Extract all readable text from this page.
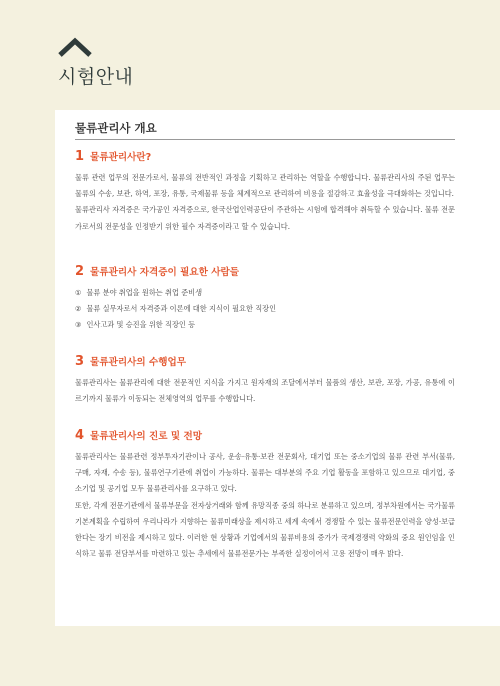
시험안내
물류관리사 개요
1 물류관리사란?

물류 관련 업무의 전문가로서, 물류의 전반적인 과정을 기획하고 관리하는 역할을 수행합니다. 물류관리사의 주된 업무는 물류의 수송, 보관, 하역, 포장, 유통, 국제물류 등을 체계적으로 관리하여 비용을 절감하고 효율성을 극대화하는 것입니다.

물류관리사 자격증은 국가공인 자격증으로, 한국산업인력공단이 주관하는 시험에 합격해야 취득할 수 있습니다. 물류 전문가로서의 전문성을 인정받기 위한 필수 자격증이라고 할 수 있습니다.

2 물류관리사 자격증이 필요한 사람들
① 물류 분야 취업을 원하는 취업 준비생
② 물류 실무자로서 자격증과 이론에 대한 지식이 필요한 직장인
③ 인사고과 및 승진을 위한 직장인 등
3 물류관리사의 수행업무

물류관리사는 물류관리에 대한 전문적인 지식을 가지고 원자재의 조달에서부터 물품의 생산, 보관, 포장, 가공, 유통에 이르기까지 물류가 이동되는 전체영역의 업무를 수행합니다.

4 물류관리사의 진로 및 전망

물류관리사는 물류관련 정부투자기관이나 공사, 운송·유통·보관 전문회사, 대기업 또는 중소기업의 물류 관련 부서(물류, 구매, 자재, 수송 등), 물류연구기관에 취업이 가능하다. 물류는 대부분의 주요 기업 활동을 포함하고 있으므로 대기업, 중소기업 및 공기업 모두 물류관리사를 요구하고 있다.

또한, 각계 전문기관에서 물류부문을 전자상거래와 함께 유망직종 중의 하나로 분류하고 있으며, 정부차원에서는 국가물류기본계획을 수립하여 우리나라가 지향하는 물류미래상을 제시하고 세계 속에서 경쟁할 수 있는 물류전문인력을 양성·보급한다는 장기 비전을 제시하고 있다. 이러한 현 상황과 기업에서의 물류비용의 증가가 국제경쟁력 약화의 중요 원인임을 인식하고 물류 전담부서를 마련하고 있는 추세에서 물류전문가는 부족한 실정이어서 고용 전망이 매우 밝다.
